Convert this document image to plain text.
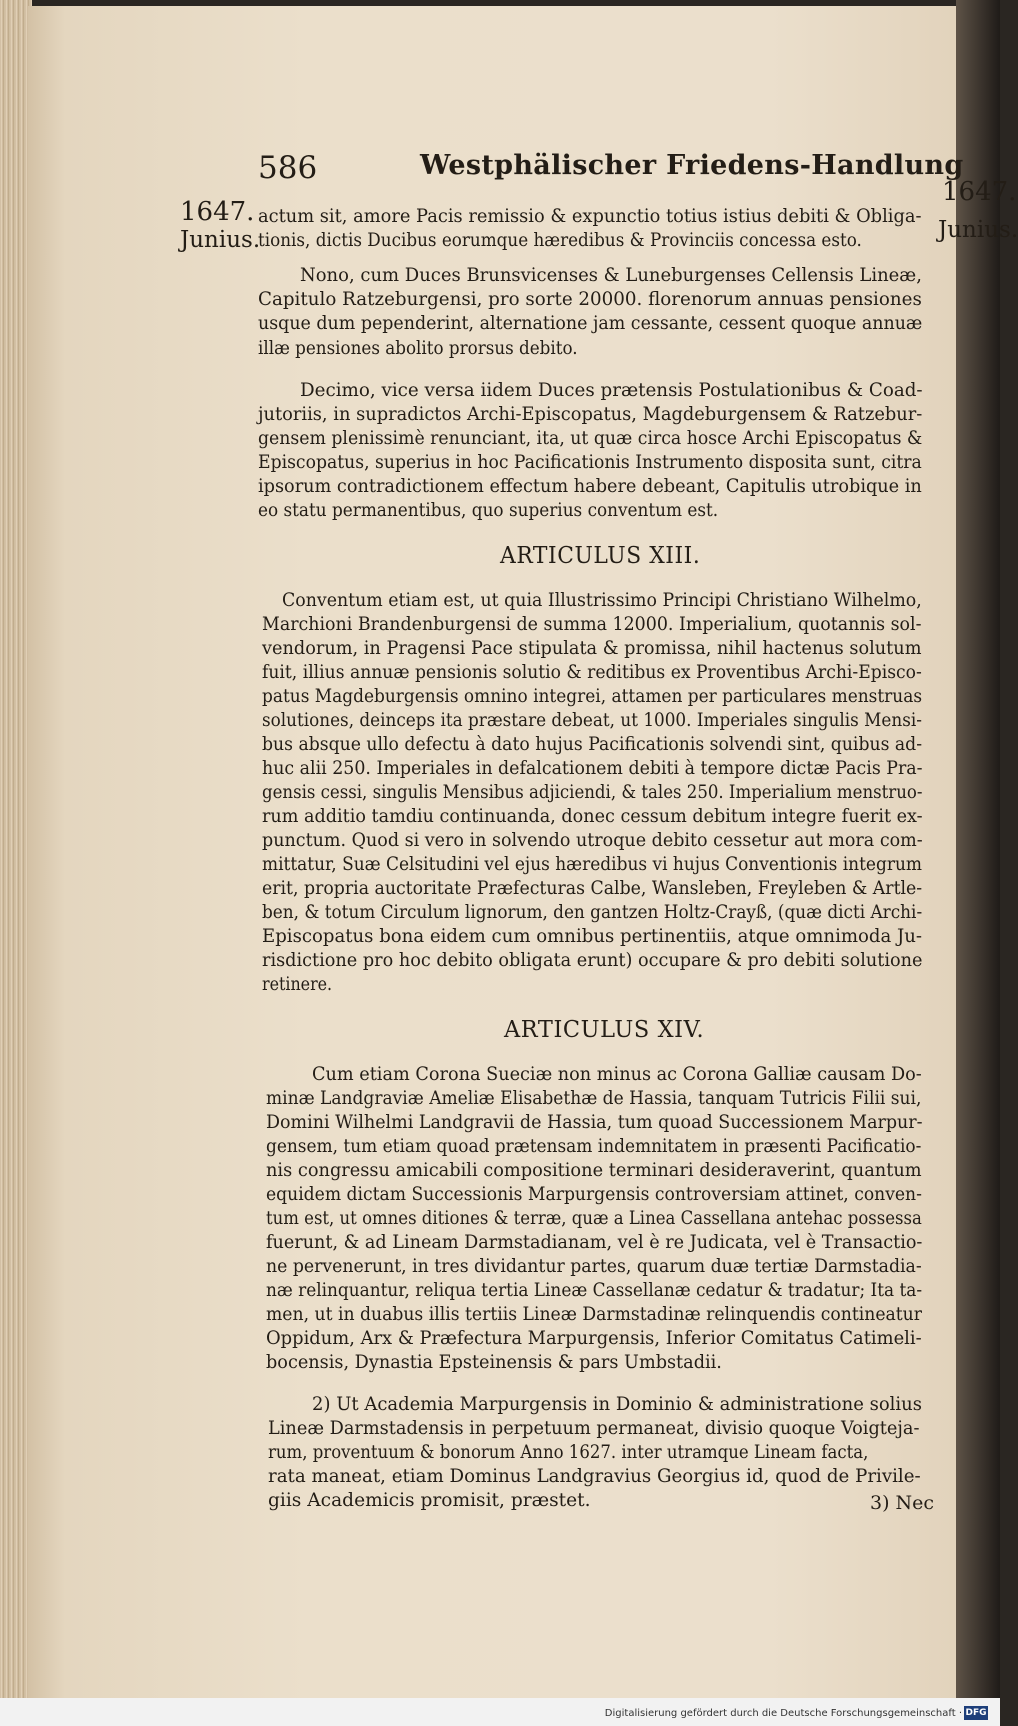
586	Westphälischer Friedens-Handlung
1647.
Junius.
1647.
Junius.
actum sit, amore Pacis remissio & expunctio totius istius debiti & Obliga-
tionis, dictis Ducibus eorumque hæredibus & Provinciis concessa esto.
Nono, cum Duces Brunsvicenses & Luneburgenses Cellensis Lineæ,
Capitulo Ratzeburgensi, pro sorte 20000. florenorum annuas pensiones
usque dum pependerint, alternatione jam cessante, cessent quoque annuæ
illæ pensiones abolito prorsus debito.
Decimo, vice versa iidem Duces prætensis Postulationibus & Coad-
jutoriis, in supradictos Archi-Episcopatus, Magdeburgensem & Ratzebur-
gensem plenissimè renunciant, ita, ut quæ circa hosce Archi Episcopatus &
Episcopatus, superius in hoc Pacificationis Instrumento disposita sunt, citra
ipsorum contradictionem effectum habere debeant, Capitulis utrobique in
eo statu permanentibus, quo superius conventum est.
ARTICULUS XIII.
Conventum etiam est, ut quia Illustrissimo Principi Christiano Wilhelmo,
Marchioni Brandenburgensi de summa 12000. Imperialium, quotannis sol-
vendorum, in Pragensi Pace stipulata & promissa, nihil hactenus solutum
fuit, illius annuæ pensionis solutio & reditibus ex Proventibus Archi-Episco-
patus Magdeburgensis omnino integrei, attamen per particulares menstruas
solutiones, deinceps ita præstare debeat, ut 1000. Imperiales singulis Mensi-
bus absque ullo defectu à dato hujus Pacificationis solvendi sint, quibus ad-
huc alii 250. Imperiales in defalcationem debiti à tempore dictæ Pacis Pra-
gensis cessi, singulis Mensibus adjiciendi, & tales 250. Imperialium menstruo-
rum additio tamdiu continuanda, donec cessum debitum integre fuerit ex-
punctum. Quod si vero in solvendo utroque debito cessetur aut mora com-
mittatur, Suæ Celsitudini vel ejus hæredibus vi hujus Conventionis integrum
erit, propria auctoritate Præfecturas Calbe, Wansleben, Freyleben & Artle-
ben, & totum Circulum lignorum, den gantzen Holtz-Crayß, (quæ dicti Archi-
Episcopatus bona eidem cum omnibus pertinentiis, atque omnimoda Ju-
risdictione pro hoc debito obligata erunt) occupare & pro debiti solutione
retinere.
ARTICULUS XIV.
Cum etiam Corona Sueciæ non minus ac Corona Galliæ causam Do-
minæ Landgraviæ Ameliæ Elisabethæ de Hassia, tanquam Tutricis Filii sui,
Domini Wilhelmi Landgravii de Hassia, tum quoad Successionem Marpur-
gensem, tum etiam quoad prætensam indemnitatem in præsenti Pacificatio-
nis congressu amicabili compositione terminari desideraverint, quantum
equidem dictam Successionis Marpurgensis controversiam attinet, conven-
tum est, ut omnes ditiones & terræ, quæ a Linea Cassellana antehac possessa
fuerunt, & ad Lineam Darmstadianam, vel è re Judicata, vel è Transactio-
ne pervenerunt, in tres dividantur partes, quarum duæ tertiæ Darmstadia-
næ relinquantur, reliqua tertia Lineæ Cassellanæ cedatur & tradatur; Ita ta-
men, ut in duabus illis tertiis Lineæ Darmstadinæ relinquendis contineatur
Oppidum, Arx & Præfectura Marpurgensis, Inferior Comitatus Catimeli-
bocensis, Dynastia Epsteinensis & pars Umbstadii.
2) Ut Academia Marpurgensis in Dominio & administratione solius
Lineæ Darmstadensis in perpetuum permaneat, divisio quoque Voigteja-
rum, proventuum & bonorum Anno 1627. inter utramque Lineam facta,
rata maneat, etiam Dominus Landgravius Georgius id, quod de Privile-
giis Academicis promisit, præstet.	3) Nec
Digitalisierung gefördert durch die Deutsche Forschungsgemeinschaft · DFG
